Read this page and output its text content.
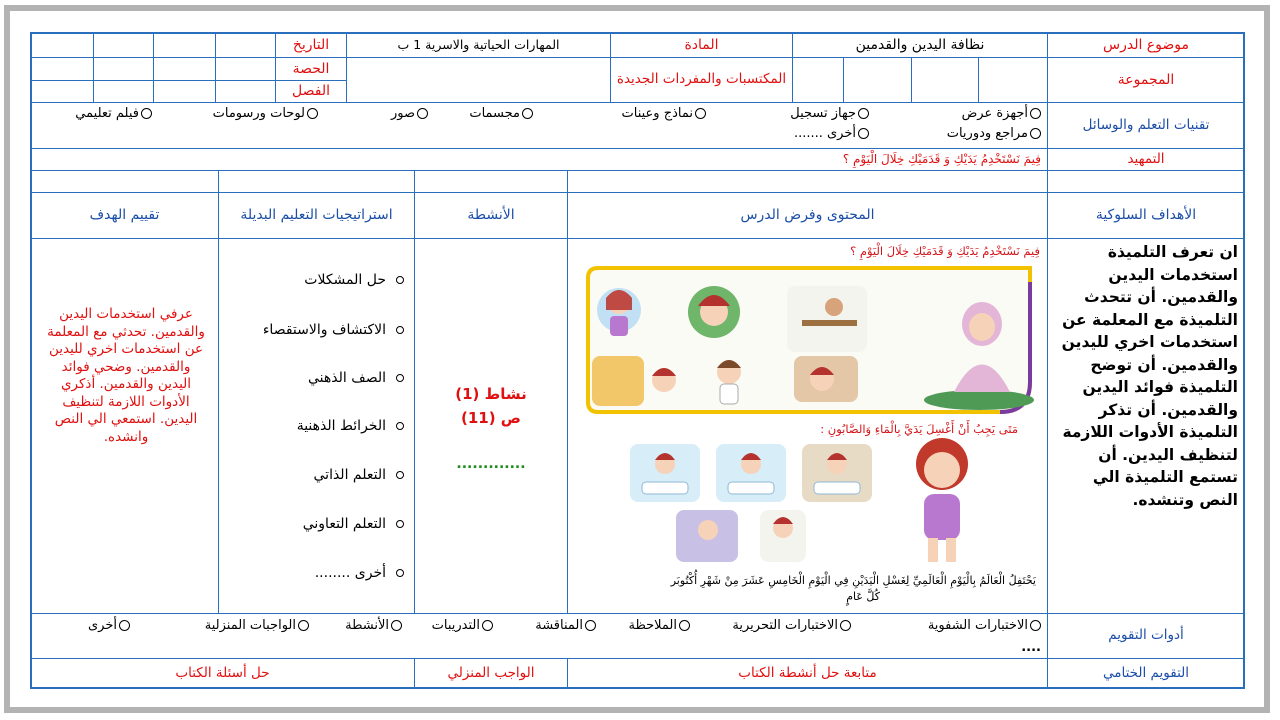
موضوع الدرس
نظافة اليدين والقدمين
المادة
المهارات الحياتية والاسرية 1 ب
التاريخ
المجموعة
المكتسبات والمفردات الجديدة
الحصة
الفصل
تقنيات التعلم والوسائل
أجهزة عرض
جهاز تسجيل
نماذج وعينات
مجسمات
صور
لوحات ورسومات
فيلم تعليمي
مراجع ودوريات
أخرى .......
التمهيد
فِيمَ نَسْتَخْدِمُ يَدَيْكِ وَ قَدَمَيْكِ خِلَالَ الْيَوْمِ ؟
الأهداف السلوكية
المحتوى وفرض الدرس
الأنشطة
استراتيجيات التعليم البديلة
تقييم الهدف
ان تعرف التلميذة استخدمات اليدين والقدمين. أن تتحدث التلميذة مع المعلمة عن استخدمات اخري لليدين والقدمين. أن توضح التلميذة فوائد اليدين والقدمين. أن تذكر التلميذة الأدوات اللازمة لتنظيف اليدين. أن تستمع التلميذة الي النص وتنشده.
فِيمَ نَسْتَخْدِمُ يَدَيْكِ وَ قَدَمَيْكِ خِلَالَ الْيَوْمِ ؟
مَتَى يَجِبُ أَنْ أَغْسِلَ يَدَيَّ بِالْمَاءِ وَالصَّابُونِ :
يَحْتَفِلُ الْعَالَمُ بِالْيَوْمِ الْعَالَمِيِّ لِغَسْلِ الْيَدَيْنِ فِي الْيَوْمِ الْخَامِسِ عَشَرَ مِنْ شَهْرِ أُكْتُوبَر
كُلَّ عَامٍ
نشاط (1) ص (11)
.............
حل المشكلات
الاكتشاف والاستقصاء
الصف الذهني
الخرائط الذهنية
التعلم الذاتي
التعلم التعاوني
أخرى ........
عرفي استخدمات اليدين والقدمين. تحدثي مع المعلمة عن استخدمات اخري لليدين والقدمين. وضحي فوائد اليدين والقدمين. أذكري الأدوات اللازمة لتنظيف اليدين. استمعي الي النص وانشده.
أدوات التقويم
الاختبارات الشفوية
الاختبارات التحريرية
الملاحظة
المناقشة
التدريبات
الأنشطة
الواجبات المنزلية
أخرى
....
التقويم الختامي
متابعة حل أنشطة الكتاب
الواجب المنزلي
حل أسئلة الكتاب
